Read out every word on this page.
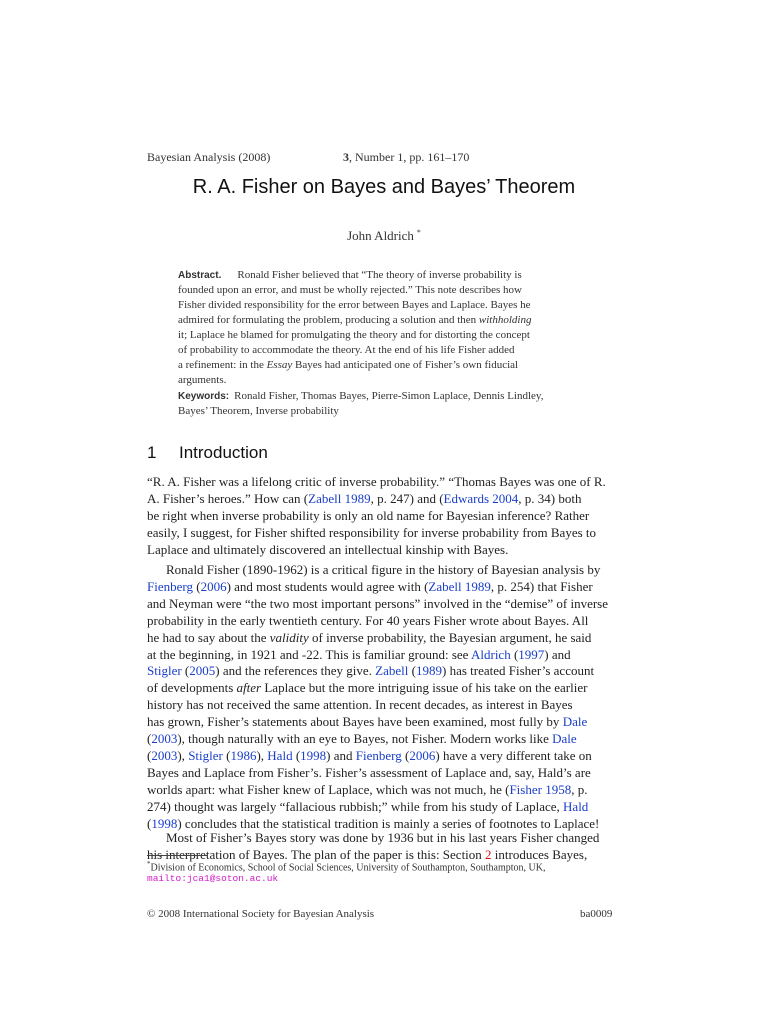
Bayesian Analysis (2008)	3, Number 1, pp. 161–170
R. A. Fisher on Bayes and Bayes’ Theorem
John Aldrich *
Abstract. Ronald Fisher believed that “The theory of inverse probability is
founded upon an error, and must be wholly rejected.” This note describes how
Fisher divided responsibility for the error between Bayes and Laplace. Bayes he
admired for formulating the problem, producing a solution and then withholding
it; Laplace he blamed for promulgating the theory and for distorting the concept
of probability to accommodate the theory. At the end of his life Fisher added
a refinement: in the Essay Bayes had anticipated one of Fisher’s own fiducial
arguments.
Keywords: Ronald Fisher, Thomas Bayes, Pierre-Simon Laplace, Dennis Lindley,
Bayes’ Theorem, Inverse probability
1 Introduction
“R. A. Fisher was a lifelong critic of inverse probability.” “Thomas Bayes was one of R.
A. Fisher’s heroes.” How can (Zabell 1989, p. 247) and (Edwards 2004, p. 34) both
be right when inverse probability is only an old name for Bayesian inference? Rather
easily, I suggest, for Fisher shifted responsibility for inverse probability from Bayes to
Laplace and ultimately discovered an intellectual kinship with Bayes.
Ronald Fisher (1890-1962) is a critical figure in the history of Bayesian analysis by
Fienberg (2006) and most students would agree with (Zabell 1989, p. 254) that Fisher
and Neyman were “the two most important persons” involved in the “demise” of inverse
probability in the early twentieth century. For 40 years Fisher wrote about Bayes. All
he had to say about the validity of inverse probability, the Bayesian argument, he said
at the beginning, in 1921 and -22. This is familiar ground: see Aldrich (1997) and
Stigler (2005) and the references they give. Zabell (1989) has treated Fisher’s account
of developments after Laplace but the more intriguing issue of his take on the earlier
history has not received the same attention. In recent decades, as interest in Bayes
has grown, Fisher’s statements about Bayes have been examined, most fully by Dale
(2003), though naturally with an eye to Bayes, not Fisher. Modern works like Dale
(2003), Stigler (1986), Hald (1998) and Fienberg (2006) have a very different take on
Bayes and Laplace from Fisher’s. Fisher’s assessment of Laplace and, say, Hald’s are
worlds apart: what Fisher knew of Laplace, which was not much, he (Fisher 1958, p.
274) thought was largely “fallacious rubbish;” while from his study of Laplace, Hald
(1998) concludes that the statistical tradition is mainly a series of footnotes to Laplace!
Most of Fisher’s Bayes story was done by 1936 but in his last years Fisher changed
his interpretation of Bayes. The plan of the paper is this: Section 2 introduces Bayes,
*Division of Economics, School of Social Sciences, University of Southampton, Southampton, UK,
mailto:jca1@soton.ac.uk
© 2008 International Society for Bayesian Analysis	ba0009
